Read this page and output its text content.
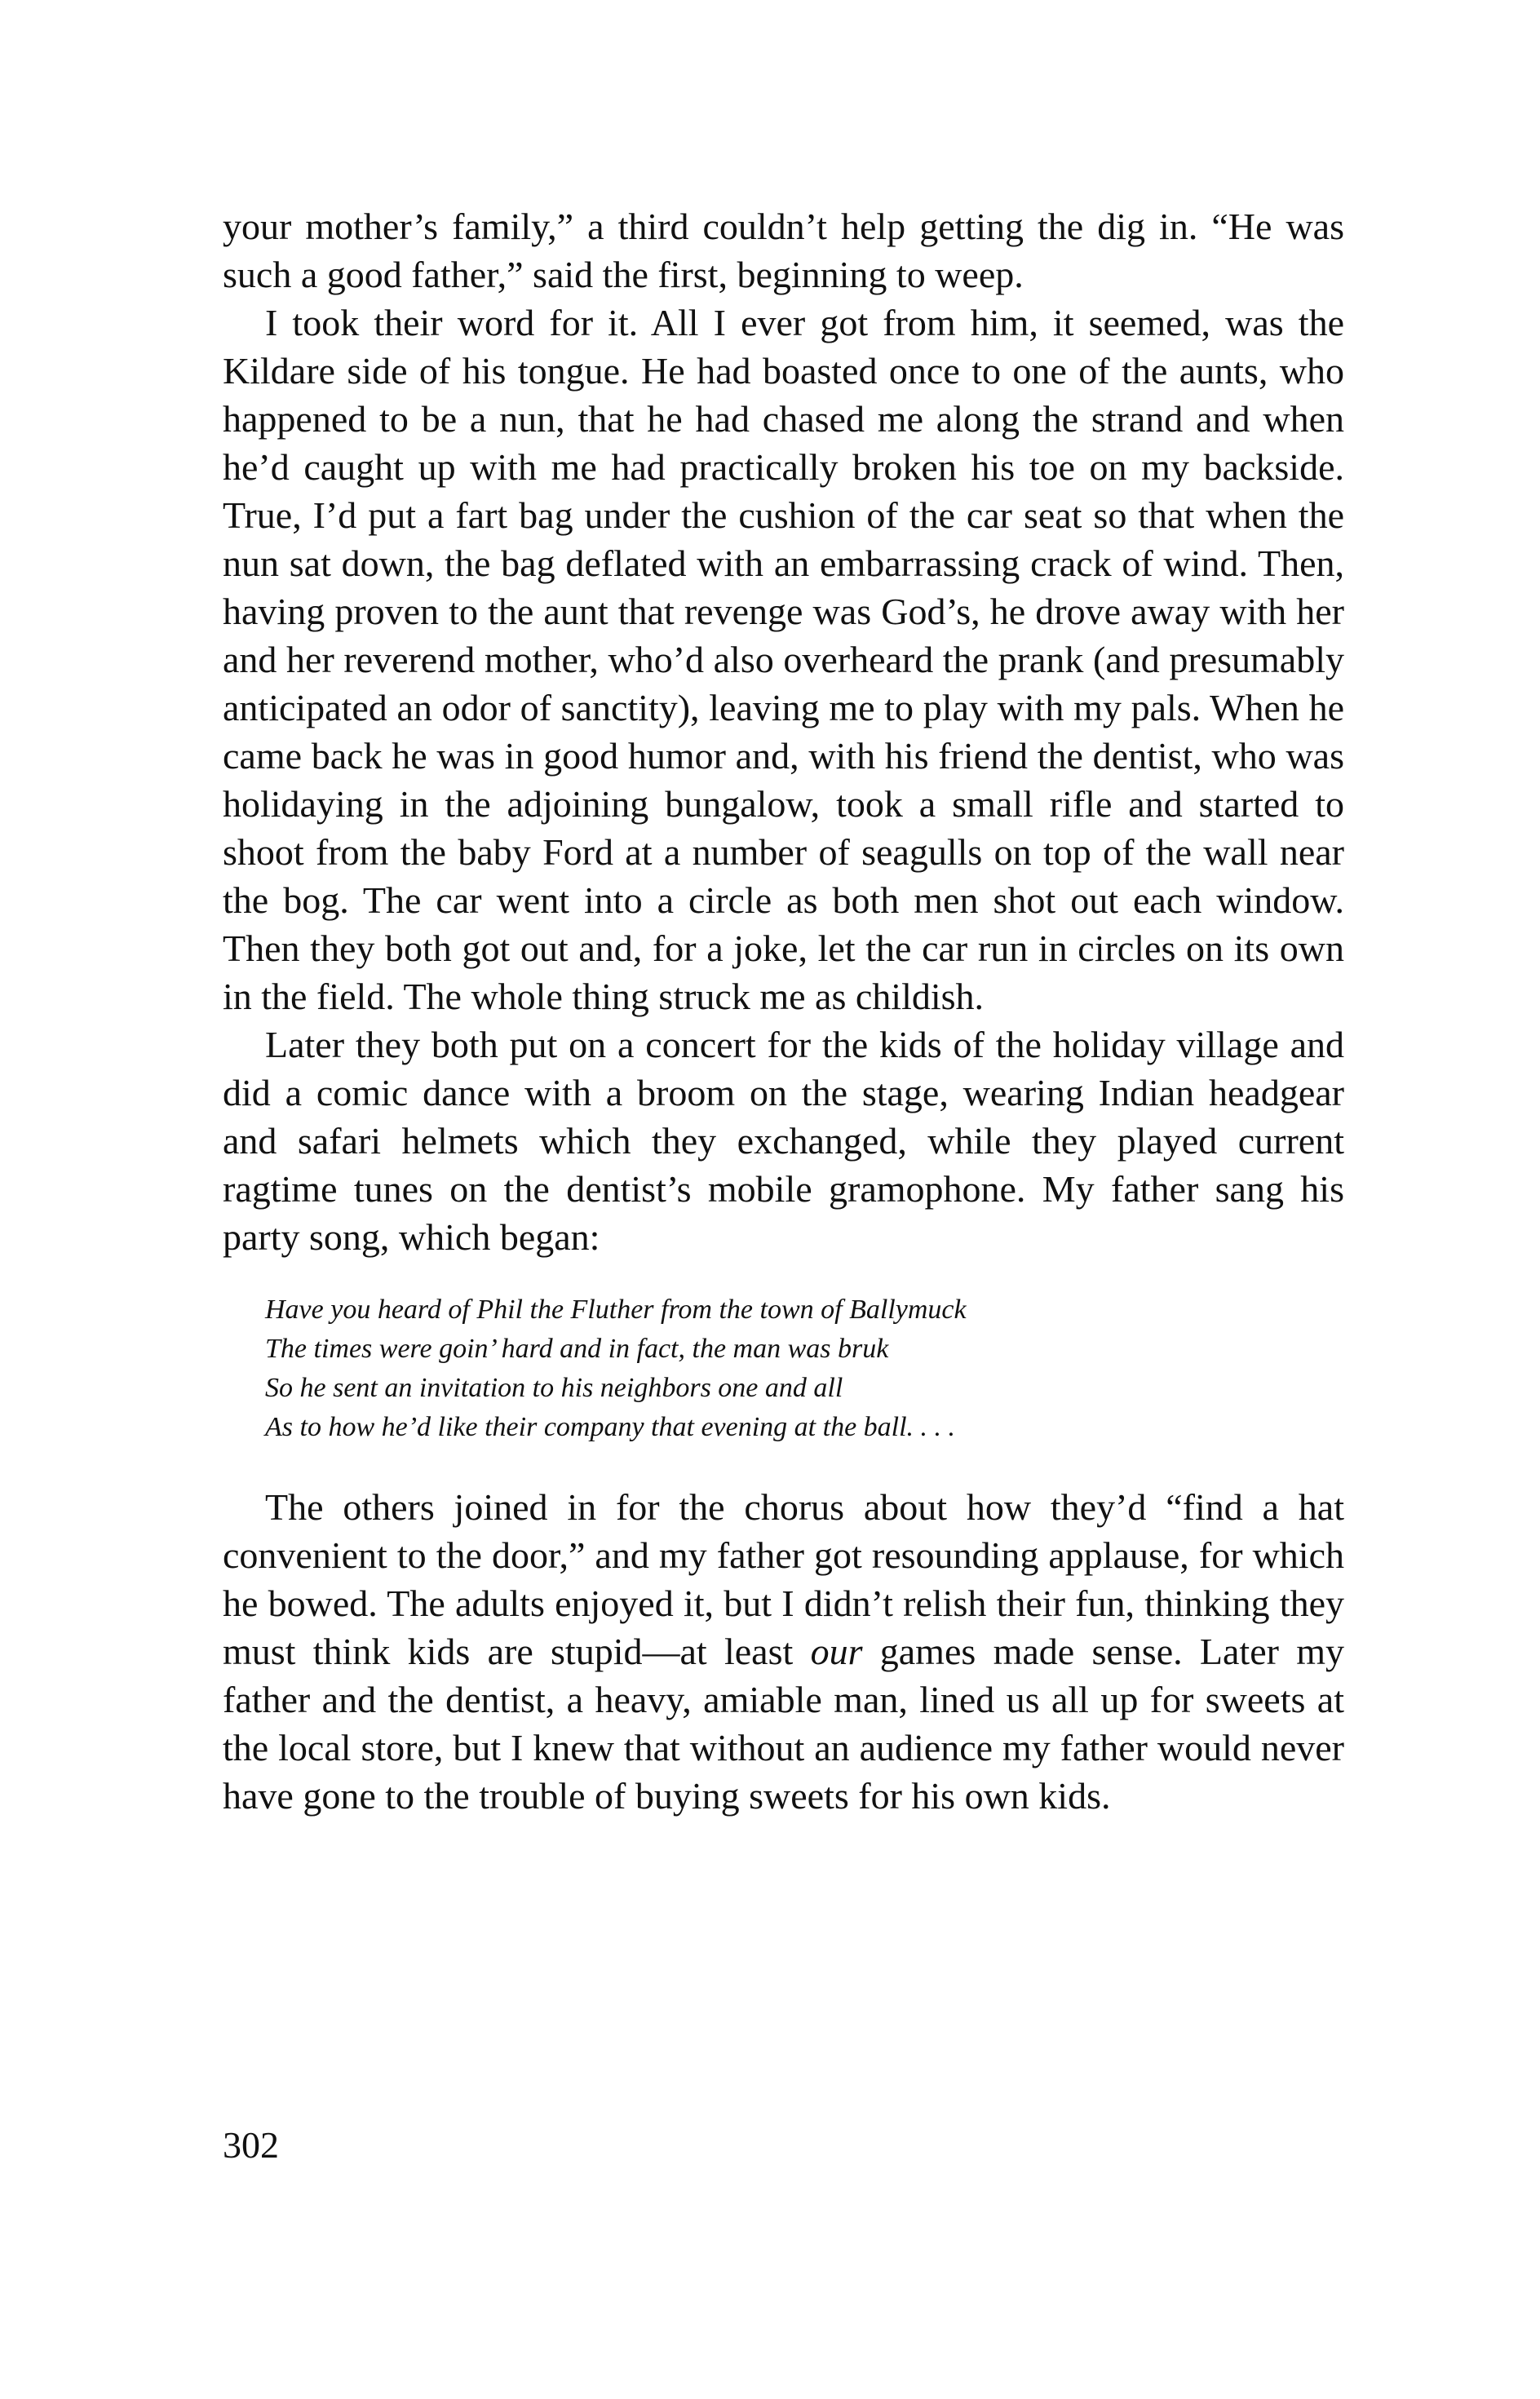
your mother’s family,” a third couldn’t help getting the dig in. “He was such a good father,” said the first, beginning to weep.

I took their word for it. All I ever got from him, it seemed, was the Kildare side of his tongue. He had boasted once to one of the aunts, who happened to be a nun, that he had chased me along the strand and when he’d caught up with me had practically broken his toe on my backside. True, I’d put a fart bag under the cushion of the car seat so that when the nun sat down, the bag deflated with an embarrassing crack of wind. Then, having proven to the aunt that revenge was God’s, he drove away with her and her reverend mother, who’d also overheard the prank (and presumably anticipated an odor of sanctity), leaving me to play with my pals. When he came back he was in good humor and, with his friend the dentist, who was holidaying in the adjoining bungalow, took a small rifle and started to shoot from the baby Ford at a number of seagulls on top of the wall near the bog. The car went into a circle as both men shot out each window. Then they both got out and, for a joke, let the car run in circles on its own in the field. The whole thing struck me as childish.

Later they both put on a concert for the kids of the holiday village and did a comic dance with a broom on the stage, wearing Indian headgear and safari helmets which they exchanged, while they played current ragtime tunes on the dentist’s mobile gramophone. My father sang his party song, which began:

Have you heard of Phil the Fluther from the town of Ballymuck
The times were goin’ hard and in fact, the man was bruk
So he sent an invitation to his neighbors one and all
As to how he’d like their company that evening at the ball. . . .

The others joined in for the chorus about how they’d “find a hat convenient to the door,” and my father got resounding applause, for which he bowed. The adults enjoyed it, but I didn’t relish their fun, thinking they must think kids are stupid—at least our games made sense. Later my father and the dentist, a heavy, amiable man, lined us all up for sweets at the local store, but I knew that without an audience my father would never have gone to the trouble of buying sweets for his own kids.

302
